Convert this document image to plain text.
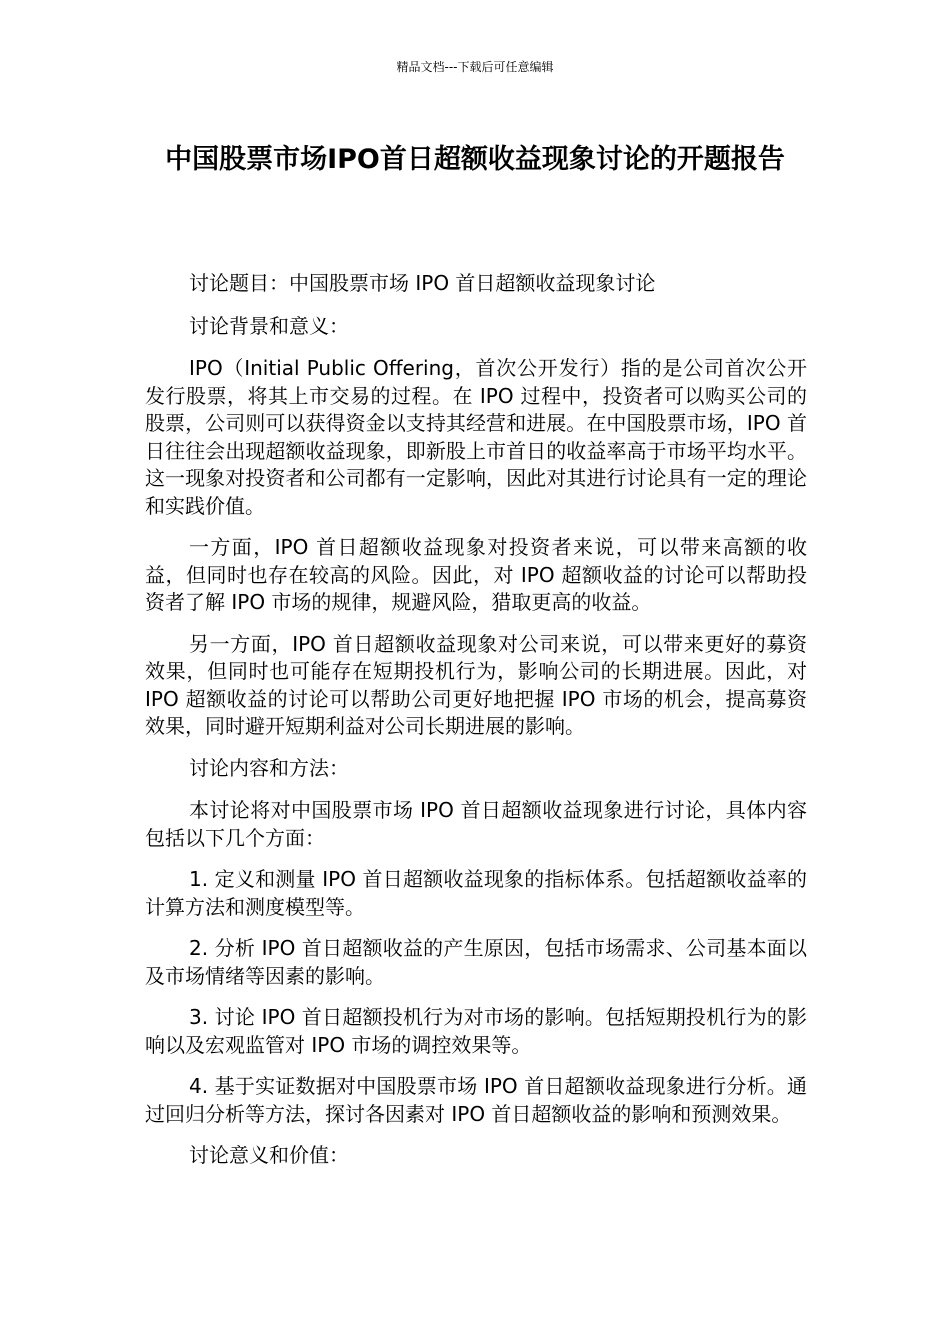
精品文档---下载后可任意编辑
中国股票市场IPO首日超额收益现象讨论的开题报告

讨论题目：中国股票市场 IPO 首日超额收益现象讨论

讨论背景和意义：

IPO（Initial Public Offering，首次公开发行）指的是公司首次公开发行股票，将其上市交易的过程。在 IPO 过程中，投资者可以购买公司的股票，公司则可以获得资金以支持其经营和进展。在中国股票市场，IPO 首日往往会出现超额收益现象，即新股上市首日的收益率高于市场平均水平。这一现象对投资者和公司都有一定影响，因此对其进行讨论具有一定的理论和实践价值。

一方面，IPO 首日超额收益现象对投资者来说，可以带来高额的收益，但同时也存在较高的风险。因此，对 IPO 超额收益的讨论可以帮助投资者了解 IPO 市场的规律，规避风险，猎取更高的收益。

另一方面，IPO 首日超额收益现象对公司来说，可以带来更好的募资效果，但同时也可能存在短期投机行为，影响公司的长期进展。因此，对 IPO 超额收益的讨论可以帮助公司更好地把握 IPO 市场的机会，提高募资效果，同时避开短期利益对公司长期进展的影响。

讨论内容和方法：

本讨论将对中国股票市场 IPO 首日超额收益现象进行讨论，具体内容包括以下几个方面：

1. 定义和测量 IPO 首日超额收益现象的指标体系。包括超额收益率的计算方法和测度模型等。

2. 分析 IPO 首日超额收益的产生原因，包括市场需求、公司基本面以及市场情绪等因素的影响。

3. 讨论 IPO 首日超额投机行为对市场的影响。包括短期投机行为的影响以及宏观监管对 IPO 市场的调控效果等。

4. 基于实证数据对中国股票市场 IPO 首日超额收益现象进行分析。通过回归分析等方法，探讨各因素对 IPO 首日超额收益的影响和预测效果。

讨论意义和价值：
